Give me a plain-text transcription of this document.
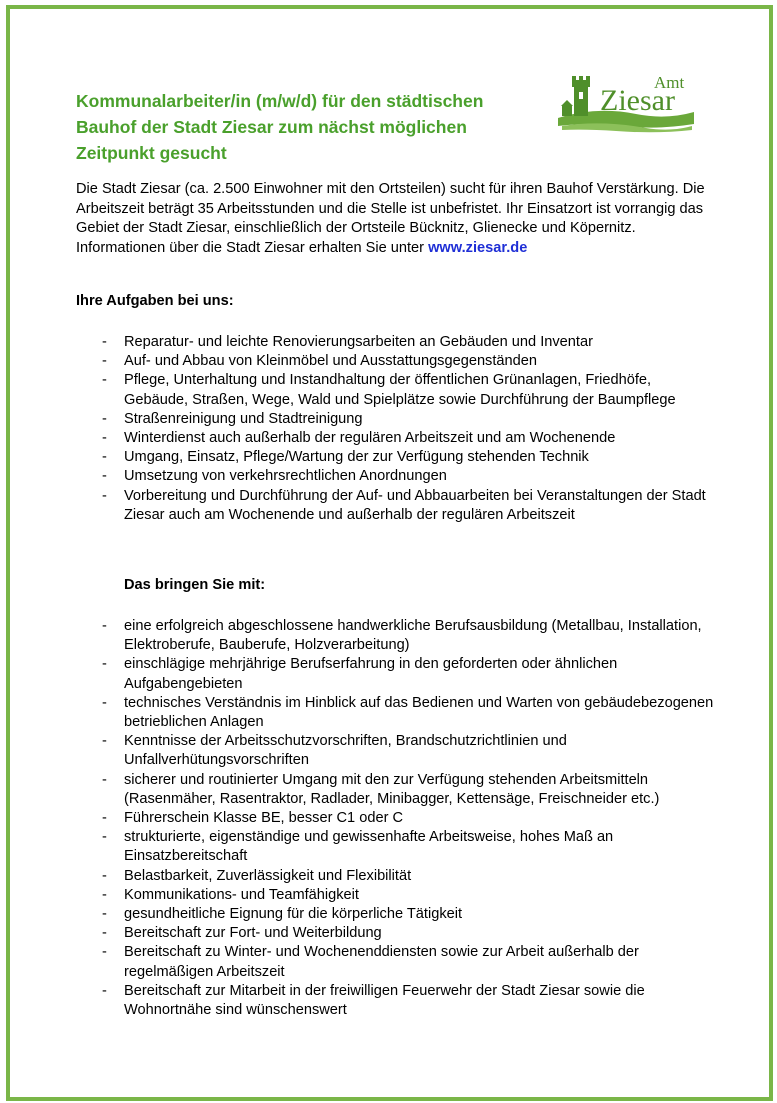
Kommunalarbeiter/in (m/w/d) für den städtischen Bauhof der Stadt Ziesar zum nächst möglichen Zeitpunkt gesucht
Amt
Ziesar

Die Stadt Ziesar (ca. 2.500 Einwohner mit den Ortsteilen) sucht für ihren Bauhof Verstärkung. Die Arbeitszeit beträgt 35 Arbeitsstunden und die Stelle ist unbefristet. Ihr Einsatzort ist vorrangig das Gebiet der Stadt Ziesar, einschließlich der Ortsteile Bücknitz, Glienecke und Köpernitz.
Informationen über die Stadt Ziesar erhalten Sie unter www.ziesar.de

Ihre Aufgaben bei uns:
- Reparatur- und leichte Renovierungsarbeiten an Gebäuden und Inventar
- Auf- und Abbau von Kleinmöbel und Ausstattungsgegenständen
- Pflege, Unterhaltung und Instandhaltung der öffentlichen Grünanlagen, Friedhöfe, Gebäude, Straßen, Wege, Wald und Spielplätze sowie Durchführung der Baumpflege
- Straßenreinigung und Stadtreinigung
- Winterdienst auch außerhalb der regulären Arbeitszeit und am Wochenende
- Umgang, Einsatz, Pflege/Wartung der zur Verfügung stehenden Technik
- Umsetzung von verkehrsrechtlichen Anordnungen
- Vorbereitung und Durchführung der Auf- und Abbauarbeiten bei Veranstaltungen der Stadt Ziesar auch am Wochenende und außerhalb der regulären Arbeitszeit
Das bringen Sie mit:
- eine erfolgreich abgeschlossene handwerkliche Berufsausbildung (Metallbau, Installation, Elektroberufe, Bauberufe, Holzverarbeitung)
- einschlägige mehrjährige Berufserfahrung in den geforderten oder ähnlichen Aufgabengebieten
- technisches Verständnis im Hinblick auf das Bedienen und Warten von gebäudebezogenen betrieblichen Anlagen
- Kenntnisse der Arbeitsschutzvorschriften, Brandschutzrichtlinien und Unfallverhütungsvorschriften
- sicherer und routinierter Umgang mit den zur Verfügung stehenden Arbeitsmitteln (Rasenmäher, Rasentraktor, Radlader, Minibagger, Kettensäge, Freischneider etc.)
- Führerschein Klasse BE, besser C1 oder C
- strukturierte, eigenständige und gewissenhafte Arbeitsweise, hohes Maß an Einsatzbereitschaft
- Belastbarkeit, Zuverlässigkeit und Flexibilität
- Kommunikations- und Teamfähigkeit
- gesundheitliche Eignung für die körperliche Tätigkeit
- Bereitschaft zur Fort- und Weiterbildung
- Bereitschaft zu Winter- und Wochenenddiensten sowie zur Arbeit außerhalb der regelmäßigen Arbeitszeit
- Bereitschaft zur Mitarbeit in der freiwilligen Feuerwehr der Stadt Ziesar sowie die Wohnortnähe sind wünschenswert
